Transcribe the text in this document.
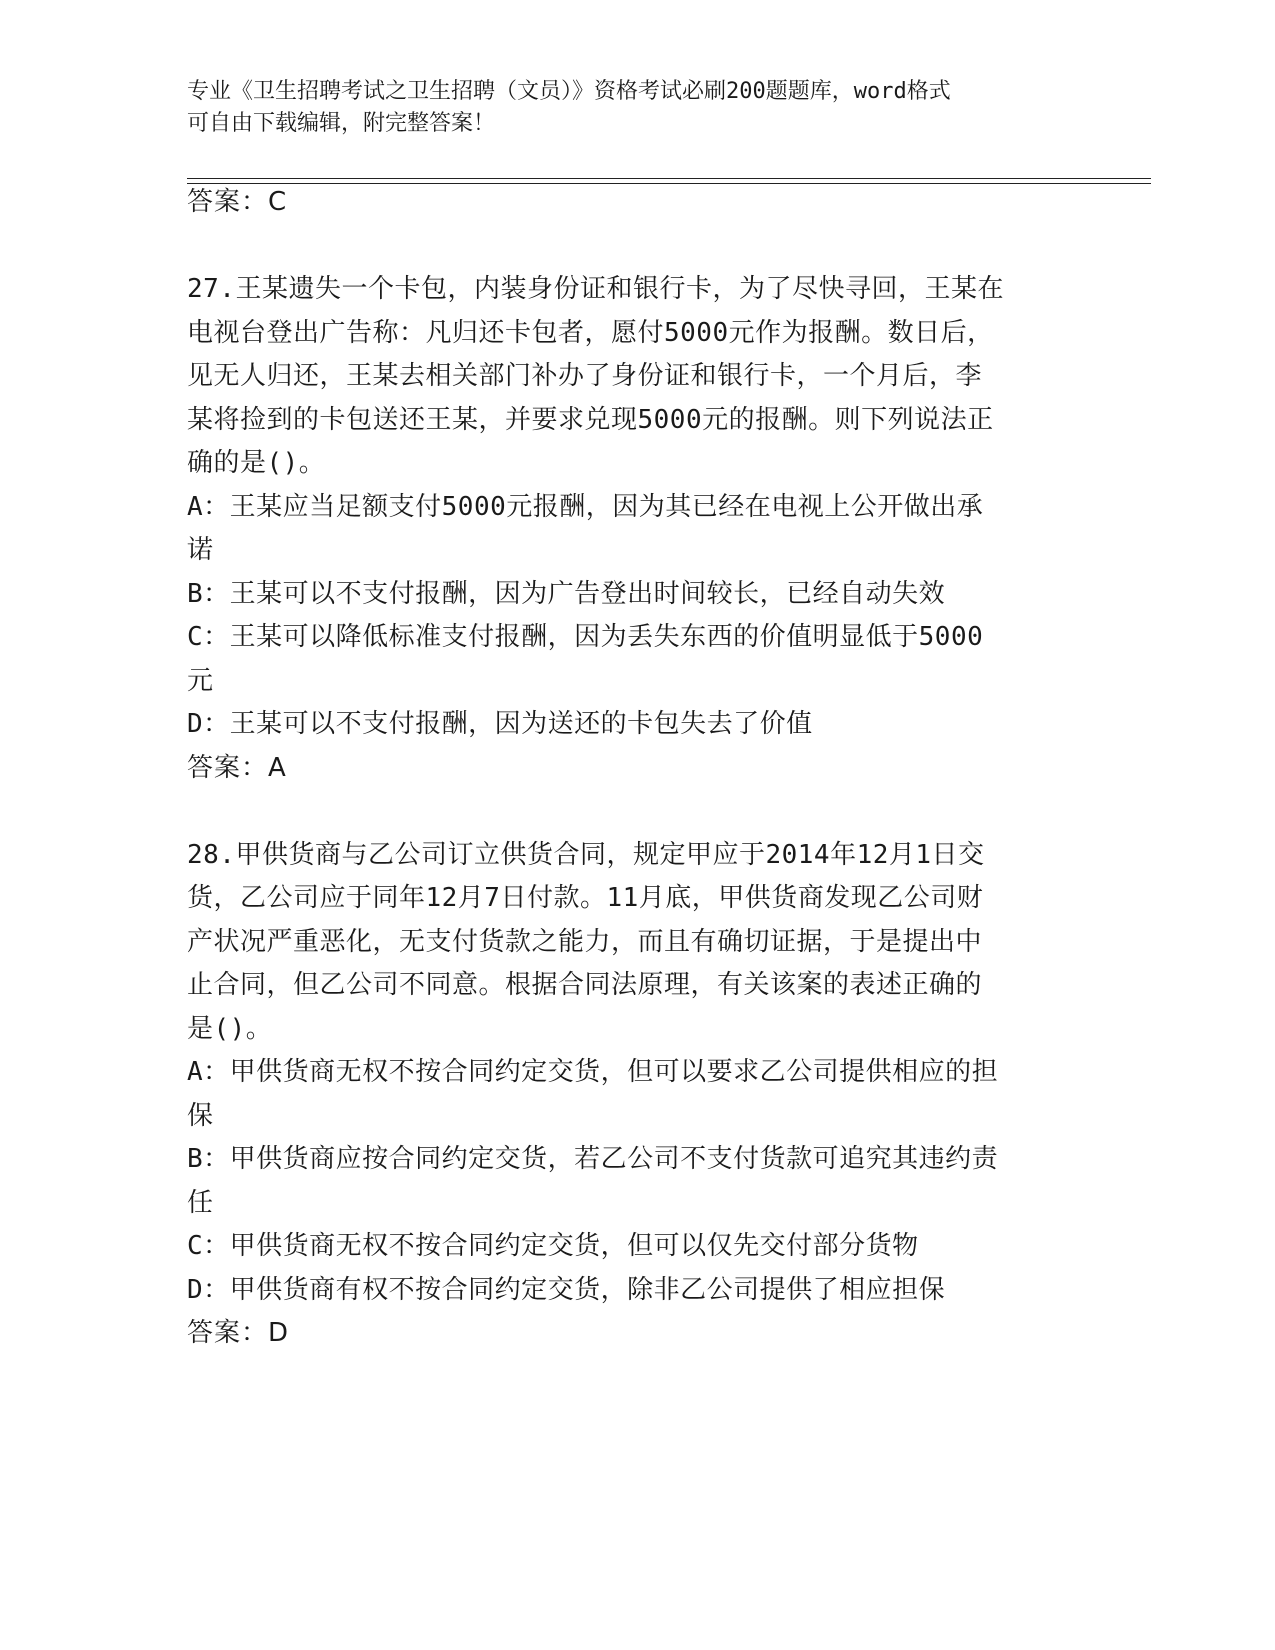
专业《卫生招聘考试之卫生招聘（文员）》资格考试必刷200题题库，word格式
可自由下载编辑，附完整答案！
答案：C
27.王某遗失一个卡包，内装身份证和银行卡，为了尽快寻回，王某在
电视台登出广告称：凡归还卡包者，愿付5000元作为报酬。数日后，
见无人归还，王某去相关部门补办了身份证和银行卡，一个月后，李
某将捡到的卡包送还王某，并要求兑现5000元的报酬。则下列说法正
确的是()。
A：王某应当足额支付5000元报酬，因为其已经在电视上公开做出承
诺
B：王某可以不支付报酬，因为广告登出时间较长，已经自动失效
C：王某可以降低标准支付报酬，因为丢失东西的价值明显低于5000
元
D：王某可以不支付报酬，因为送还的卡包失去了价值
答案：A
28.甲供货商与乙公司订立供货合同，规定甲应于2014年12月1日交
货，乙公司应于同年12月7日付款。11月底，甲供货商发现乙公司财
产状况严重恶化，无支付货款之能力，而且有确切证据，于是提出中
止合同，但乙公司不同意。根据合同法原理，有关该案的表述正确的
是()。
A：甲供货商无权不按合同约定交货，但可以要求乙公司提供相应的担
保
B：甲供货商应按合同约定交货，若乙公司不支付货款可追究其违约责
任
C：甲供货商无权不按合同约定交货，但可以仅先交付部分货物
D：甲供货商有权不按合同约定交货，除非乙公司提供了相应担保
答案：D
